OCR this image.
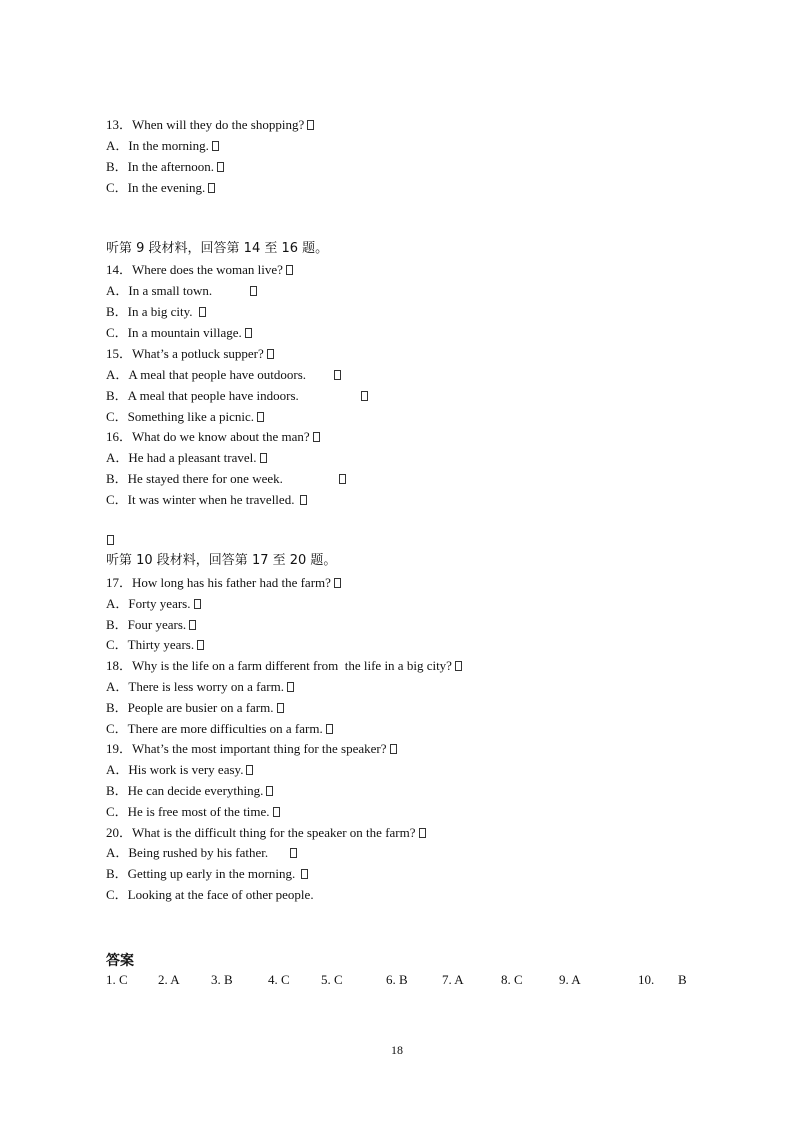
13．When will they do the shopping?
A．In the morning.
B．In the afternoon.
C．In the evening.
听第 9 段材料，回答第 14 至 16 题。
14．Where does the woman live?
A．In a small town.
B．In a big city.
C．In a mountain village.
15．What’s a potluck supper?
A．A meal that people have outdoors.
B．A meal that people have indoors.
C．Something like a picnic.
16．What do we know about the man?
A．He had a pleasant travel.
B．He stayed there for one week.
C．It was winter when he travelled.
听第 10 段材料，回答第 17 至 20 题。
17．How long has his father had the farm?
A．Forty years.
B．Four years.
C．Thirty years.
18．Why is the life on a farm different from  the life in a big city?
A．There is less worry on a farm.
B．People are busier on a farm.
C．There are more difficulties on a farm.
19．What’s the most important thing for the speaker?
A．His work is very easy.
B．He can decide everything.
C．He is free most of the time.
20．What is the difficult thing for the speaker on the farm?
A．Being rushed by his father.
B．Getting up early in the morning.
C．Looking at the face of other people.
答案
1. C 2. A 3. B	4. C 5. C	6. B	7. A	8. C	9. A	10. B
18
